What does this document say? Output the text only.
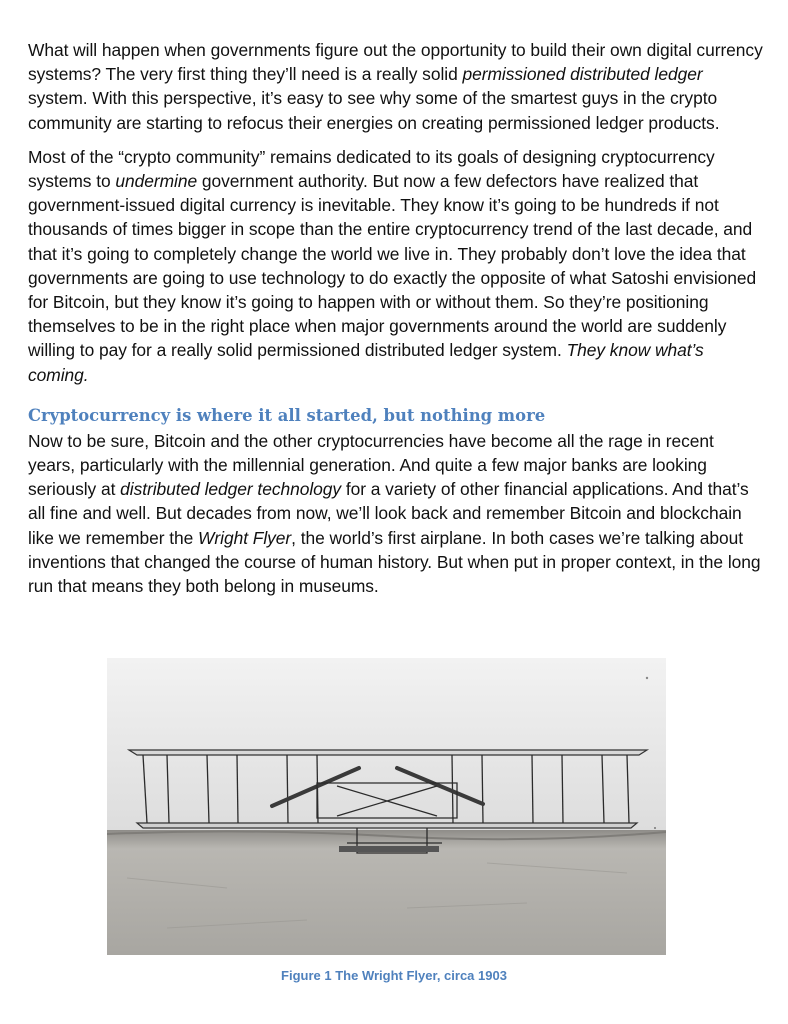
What will happen when governments figure out the opportunity to build their own digital currency systems? The very first thing they’ll need is a really solid permissioned distributed ledger system. With this perspective, it’s easy to see why some of the smartest guys in the crypto community are starting to refocus their energies on creating permissioned ledger products.

Most of the “crypto community” remains dedicated to its goals of designing cryptocurrency systems to undermine government authority. But now a few defectors have realized that government-issued digital currency is inevitable. They know it’s going to be hundreds if not thousands of times bigger in scope than the entire cryptocurrency trend of the last decade, and that it’s going to completely change the world we live in. They probably don’t love the idea that governments are going to use technology to do exactly the opposite of what Satoshi envisioned for Bitcoin, but they know it’s going to happen with or without them. So they’re positioning themselves to be in the right place when major governments around the world are suddenly willing to pay for a really solid permissioned distributed ledger system. They know what’s coming.

Cryptocurrency is where it all started, but nothing more

Now to be sure, Bitcoin and the other cryptocurrencies have become all the rage in recent years, particularly with the millennial generation. And quite a few major banks are looking seriously at distributed ledger technology for a variety of other financial applications. And that’s all fine and well. But decades from now, we’ll look back and remember Bitcoin and blockchain like we remember the Wright Flyer, the world’s first airplane. In both cases we’re talking about inventions that changed the course of human history. But when put in proper context, in the long run that means they both belong in museums.

Figure 1 The Wright Flyer, circa 1903
